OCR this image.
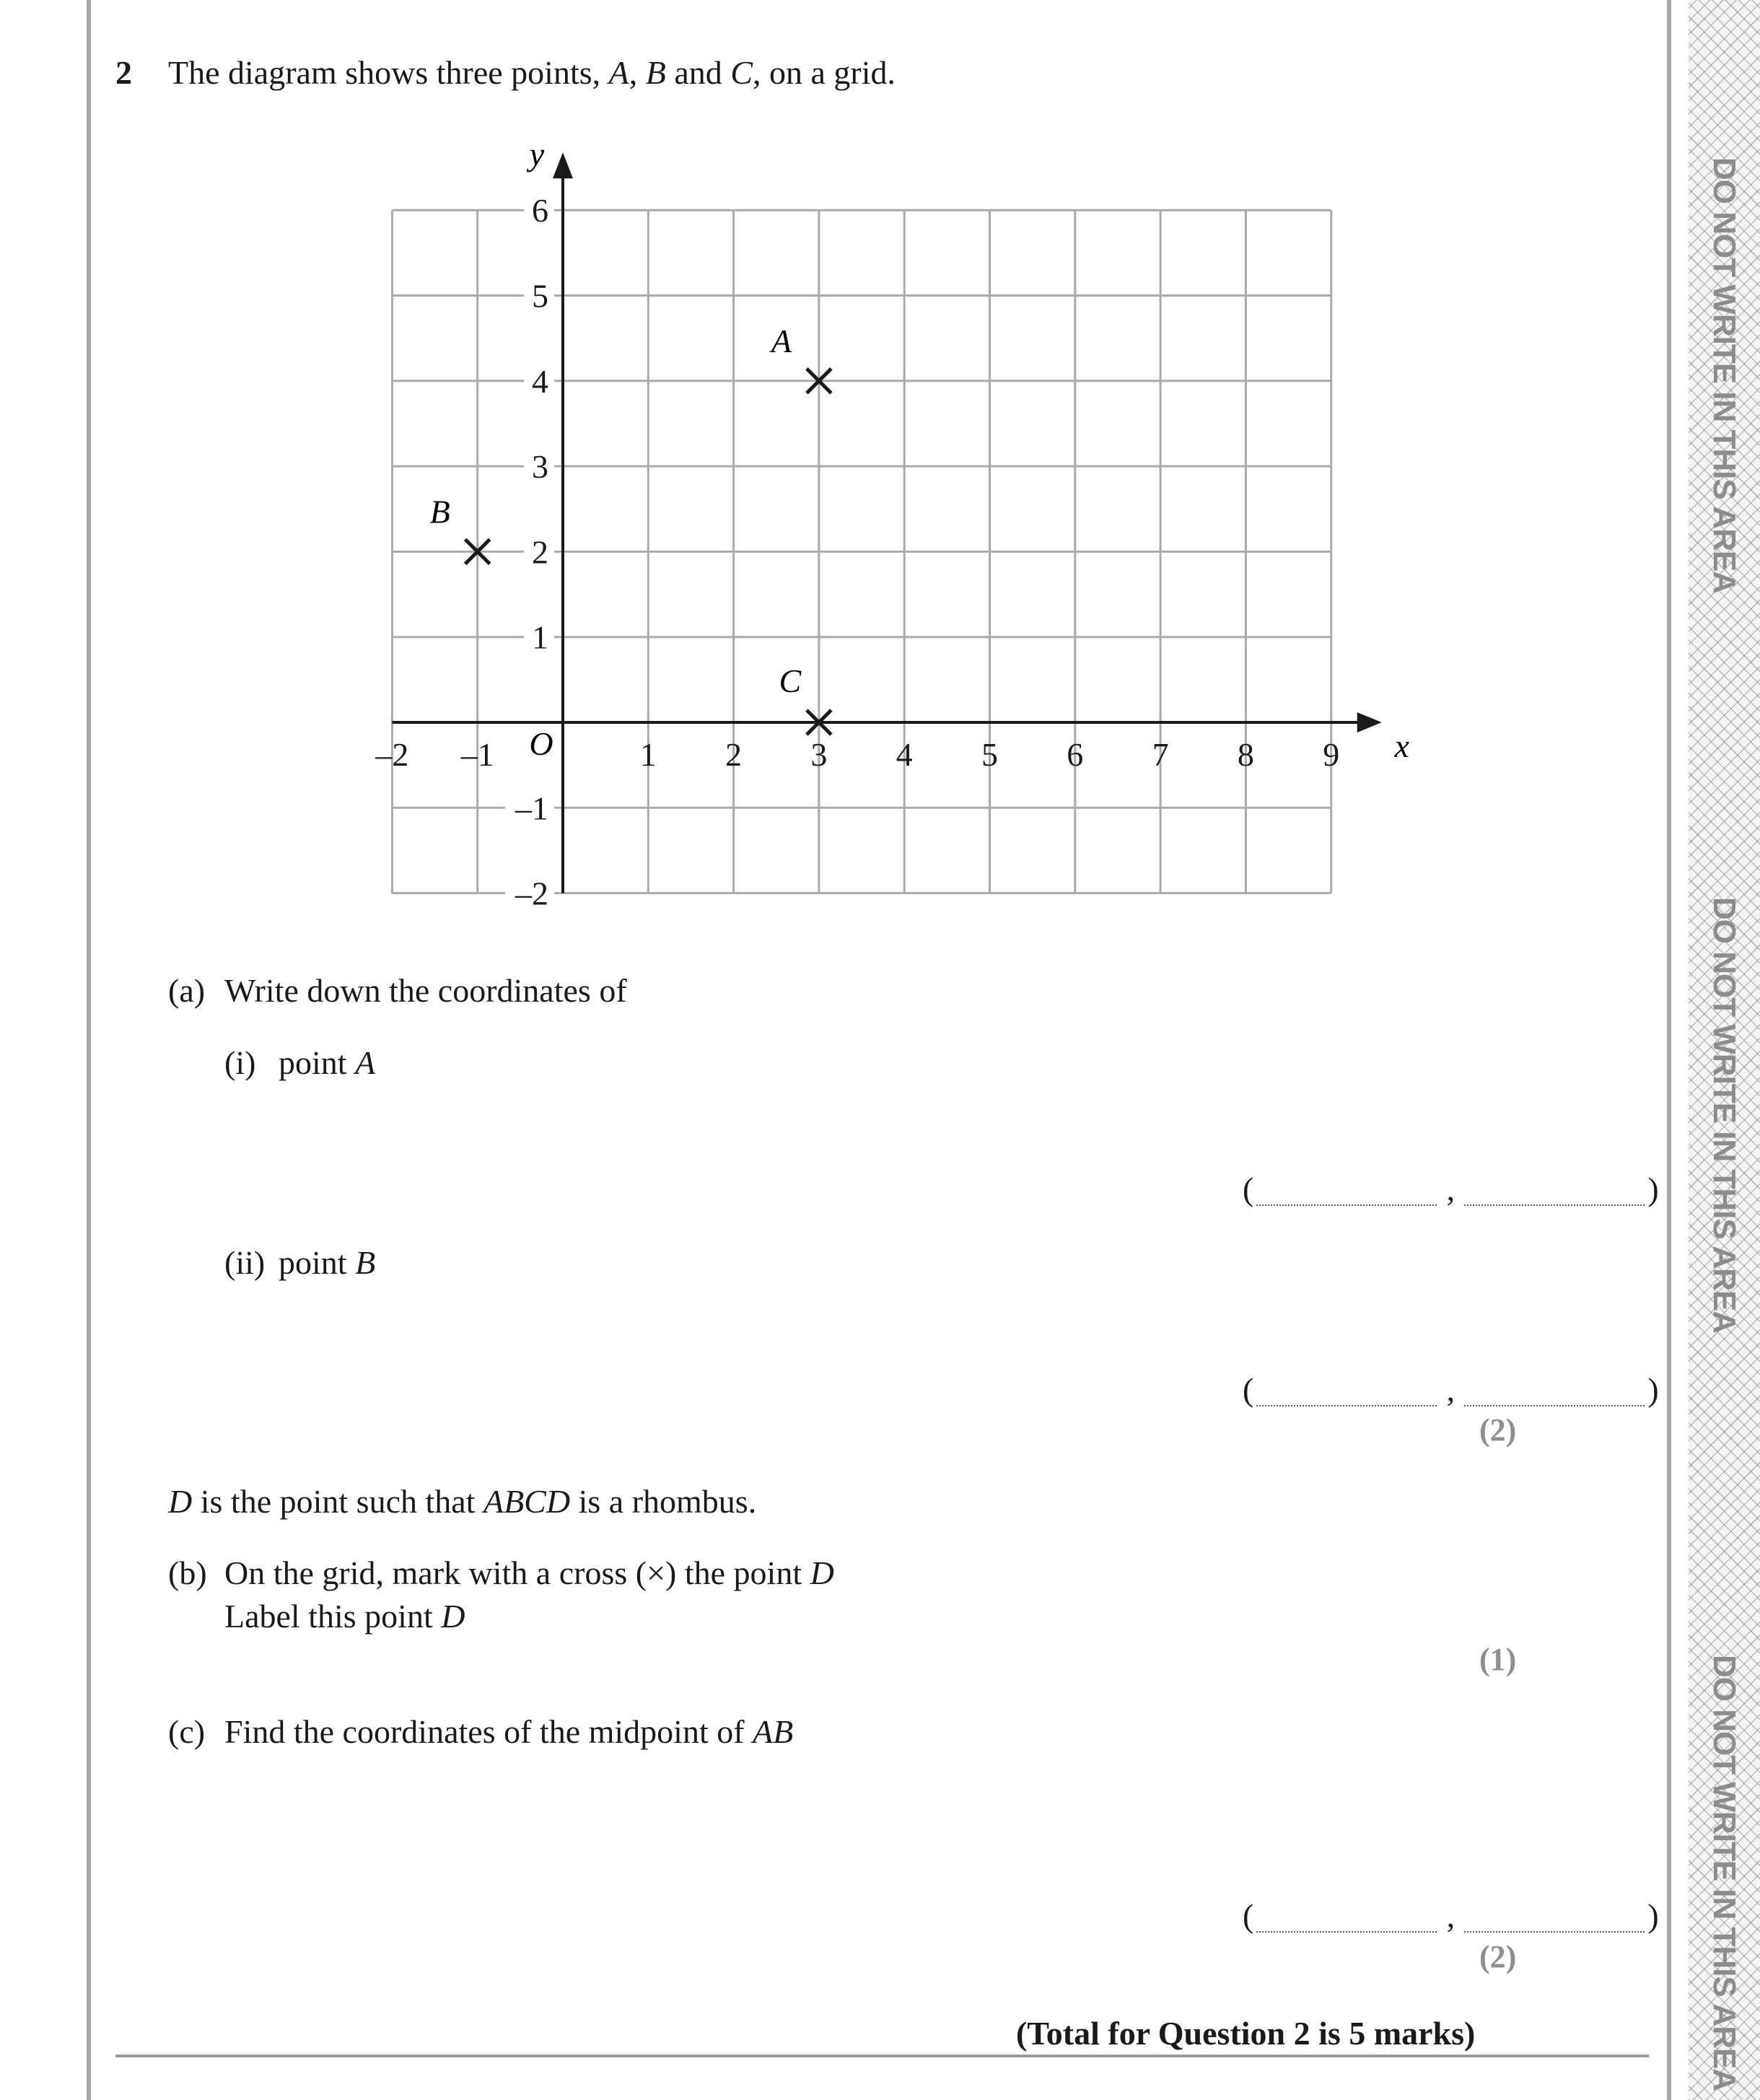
DO NOT WRITE IN THIS AREA
DO NOT WRITE IN THIS AREA
DO NOT WRITE IN THIS AREA
2 The diagram shows three points, A, B and C, on a grid.
x
y
O
–2 –1	1 2 3 4 5 6 7 8 9
6
5
4
3
2
1
–1
–2
A
B
C
(a) Write down the coordinates of
(i) point A
(	,	)
(ii) point B
(	,	)
(2)
D is the point such that ABCD is a rhombus.
(b) On the grid, mark with a cross (×) the point D
Label this point D
(1)
(c) Find the coordinates of the midpoint of AB
(	,	)
(2)
(Total for Question 2 is 5 marks)
